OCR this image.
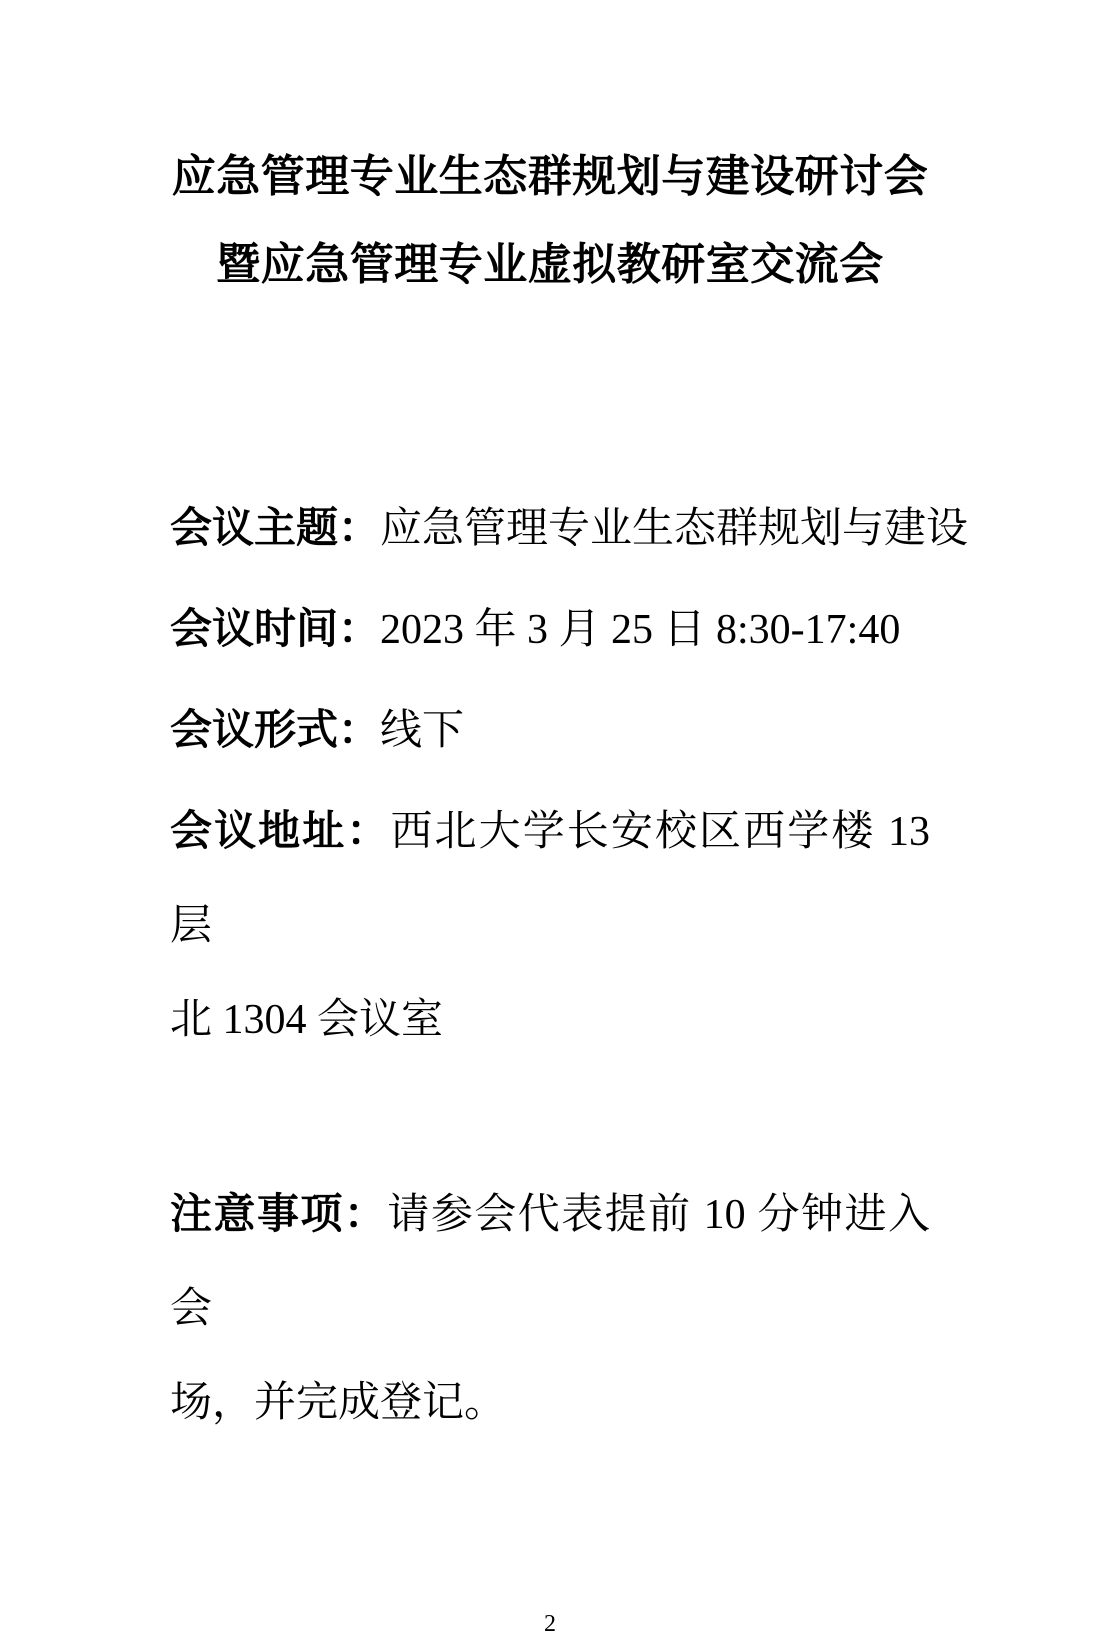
应急管理专业生态群规划与建设研讨会
暨应急管理专业虚拟教研室交流会

会议主题：应急管理专业生态群规划与建设

会议时间：2023 年 3 月 25 日 8:30-17:40

会议形式：线下

会议地址：西北大学长安校区西学楼 13 层
北 1304 会议室

注意事项：请参会代表提前 10 分钟进入会
场，并完成登记。

2
